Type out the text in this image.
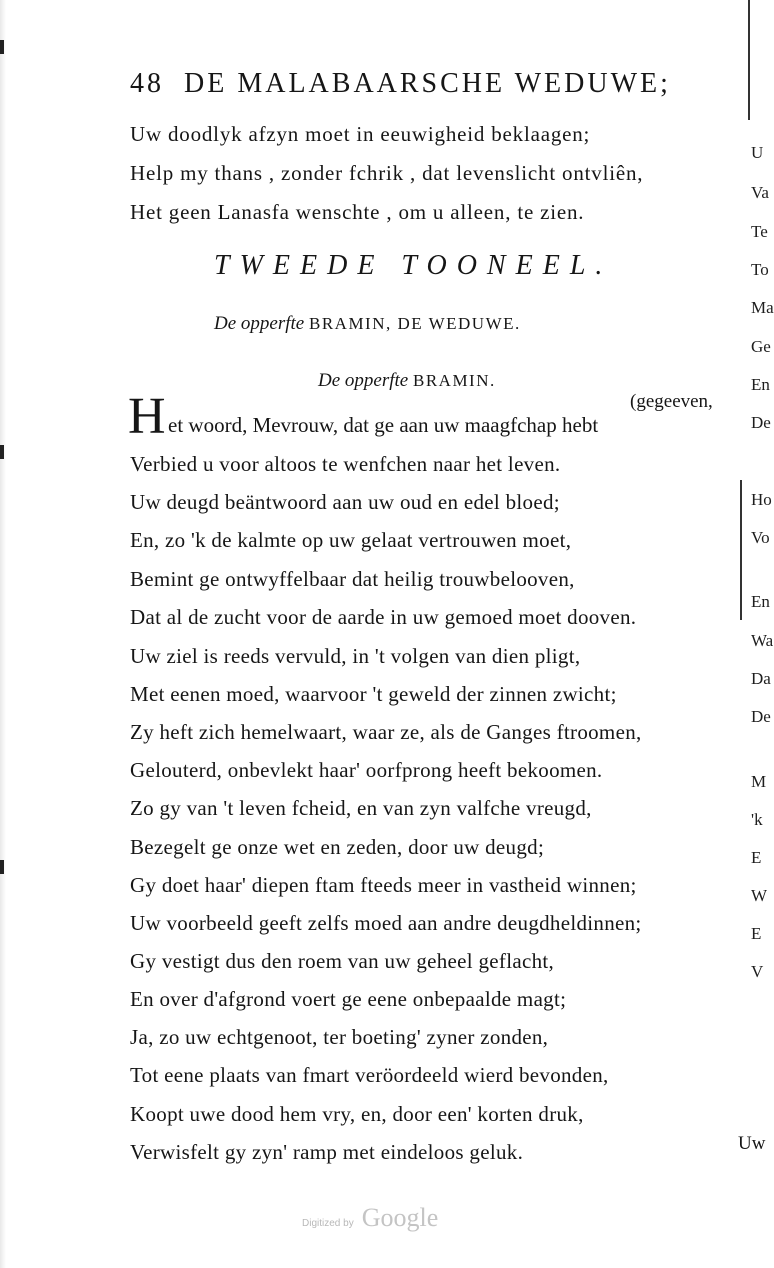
48 DE MALABAARSCHE WEDUWE;
Uw doodlyk afzyn moet in eeuwigheid beklaagen;
Help my thans , zonder fchrik , dat levenslicht ontvliên,
Het geen Lanasfa wenschte , om u alleen, te zien.
TWEEDE TOONEEL.
De opperfte BRAMIN, DE WEDUWE.
De opperfte BRAMIN.
(gegeeven,
H et woord, Mevrouw, dat ge aan uw maagfchap hebt
Verbied u voor altoos te wenfchen naar het leven.
Uw deugd beäntwoord aan uw oud en edel bloed;
En, zo 'k de kalmte op uw gelaat vertrouwen moet,
Bemint ge ontwyffelbaar dat heilig trouwbelooven,
Dat al de zucht voor de aarde in uw gemoed moet dooven.
Uw ziel is reeds vervuld, in 't volgen van dien pligt,
Met eenen moed, waarvoor 't geweld der zinnen zwicht;
Zy heft zich hemelwaart, waar ze, als de Ganges ftroomen,
Gelouterd, onbevlekt haar' oorfprong heeft bekoomen.
Zo gy van 't leven fcheid, en van zyn valfche vreugd,
Bezegelt ge onze wet en zeden, door uw deugd;
Gy doet haar' diepen ftam fteeds meer in vastheid winnen;
Uw voorbeeld geeft zelfs moed aan andre deugdheldinnen;
Gy vestigt dus den roem van uw geheel geflacht,
En over d'afgrond voert ge eene onbepaalde magt;
Ja, zo uw echtgenoot, ter boeting' zyner zonden,
Tot eene plaats van fmart veröordeeld wierd bevonden,
Koopt uwe dood hem vry, en, door een' korten druk,
Verwisfelt gy zyn' ramp met eindeloos geluk.	Uw
U
Va
Te
To
Ma
Ge
En
De
Ho
Vo
En
Wa
Da
De
M
'k
E
W
E
V
Digitized by Google
